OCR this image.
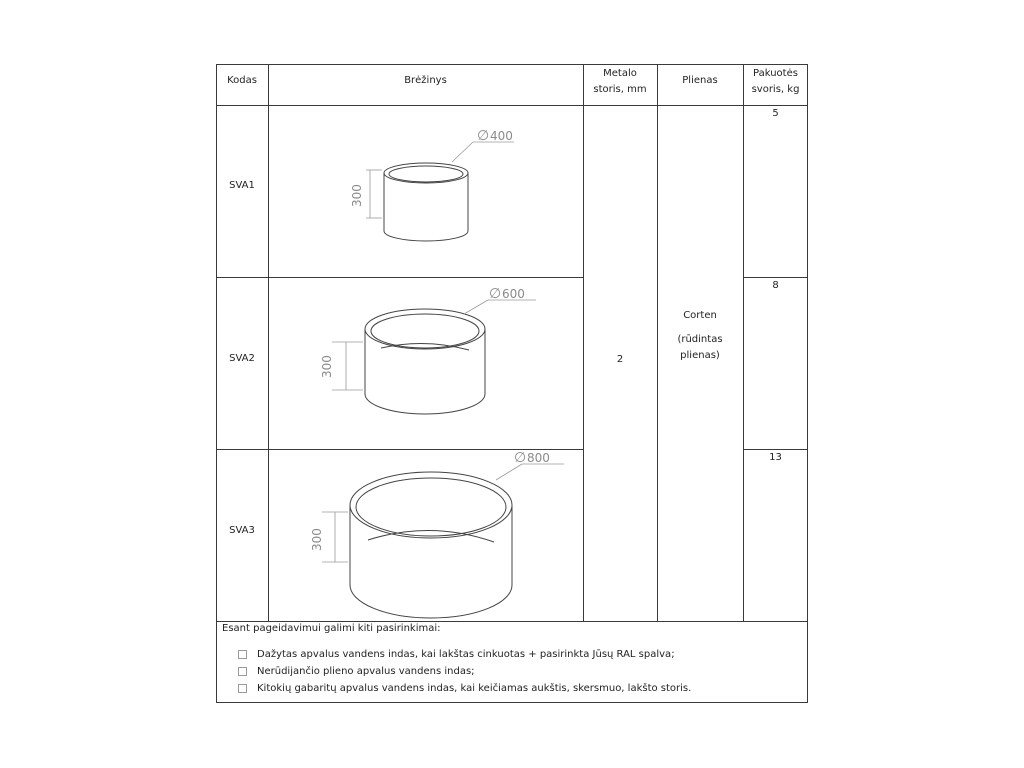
Kodas	Brėžinys
Metalo
storis, mm
Plienas
Pakuotės
svoris, kg
SVA1
SVA2
SVA3
5
8
13
2
Corten
(rūdintas
plienas)
∅ 400
300
∅ 600
300
∅ 800
300
Esant pageidavimui galimi kiti pasirinkimai:
Dažytas apvalus vandens indas, kai lakštas cinkuotas + pasirinkta Jūsų RAL spalva;
Nerūdijančio plieno apvalus vandens indas;
Kitokių gabaritų apvalus vandens indas, kai keičiamas aukštis, skersmuo, lakšto storis.
